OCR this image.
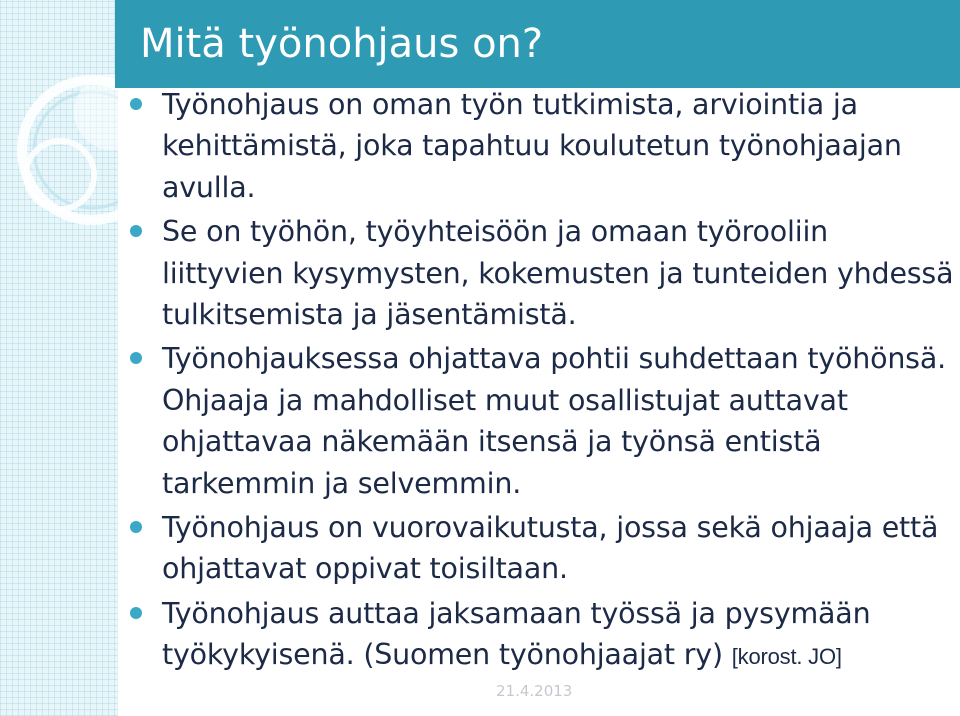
Mitä työnohjaus on?
Työnohjaus on oman työn tutkimista, arviointia ja kehittämistä, joka tapahtuu koulutetun työnohjaajan avulla.
Se on työhön, työyhteisöön ja omaan työrooliin liittyvien kysymysten, kokemusten ja tunteiden yhdessä tulkitsemista ja jäsentämistä.
Työnohjauksessa ohjattava pohtii suhdettaan työhönsä. Ohjaaja ja mahdolliset muut osallistujat auttavat ohjattavaa näkemään itsensä ja työnsä entistä tarkemmin ja selvemmin.
Työnohjaus on vuorovaikutusta, jossa sekä ohjaaja että ohjattavat oppivat toisiltaan.
Työnohjaus auttaa jaksamaan työssä ja pysymään työkykyisenä. (Suomen työnohjaajat ry) [korost. JO]
21.4.2013
